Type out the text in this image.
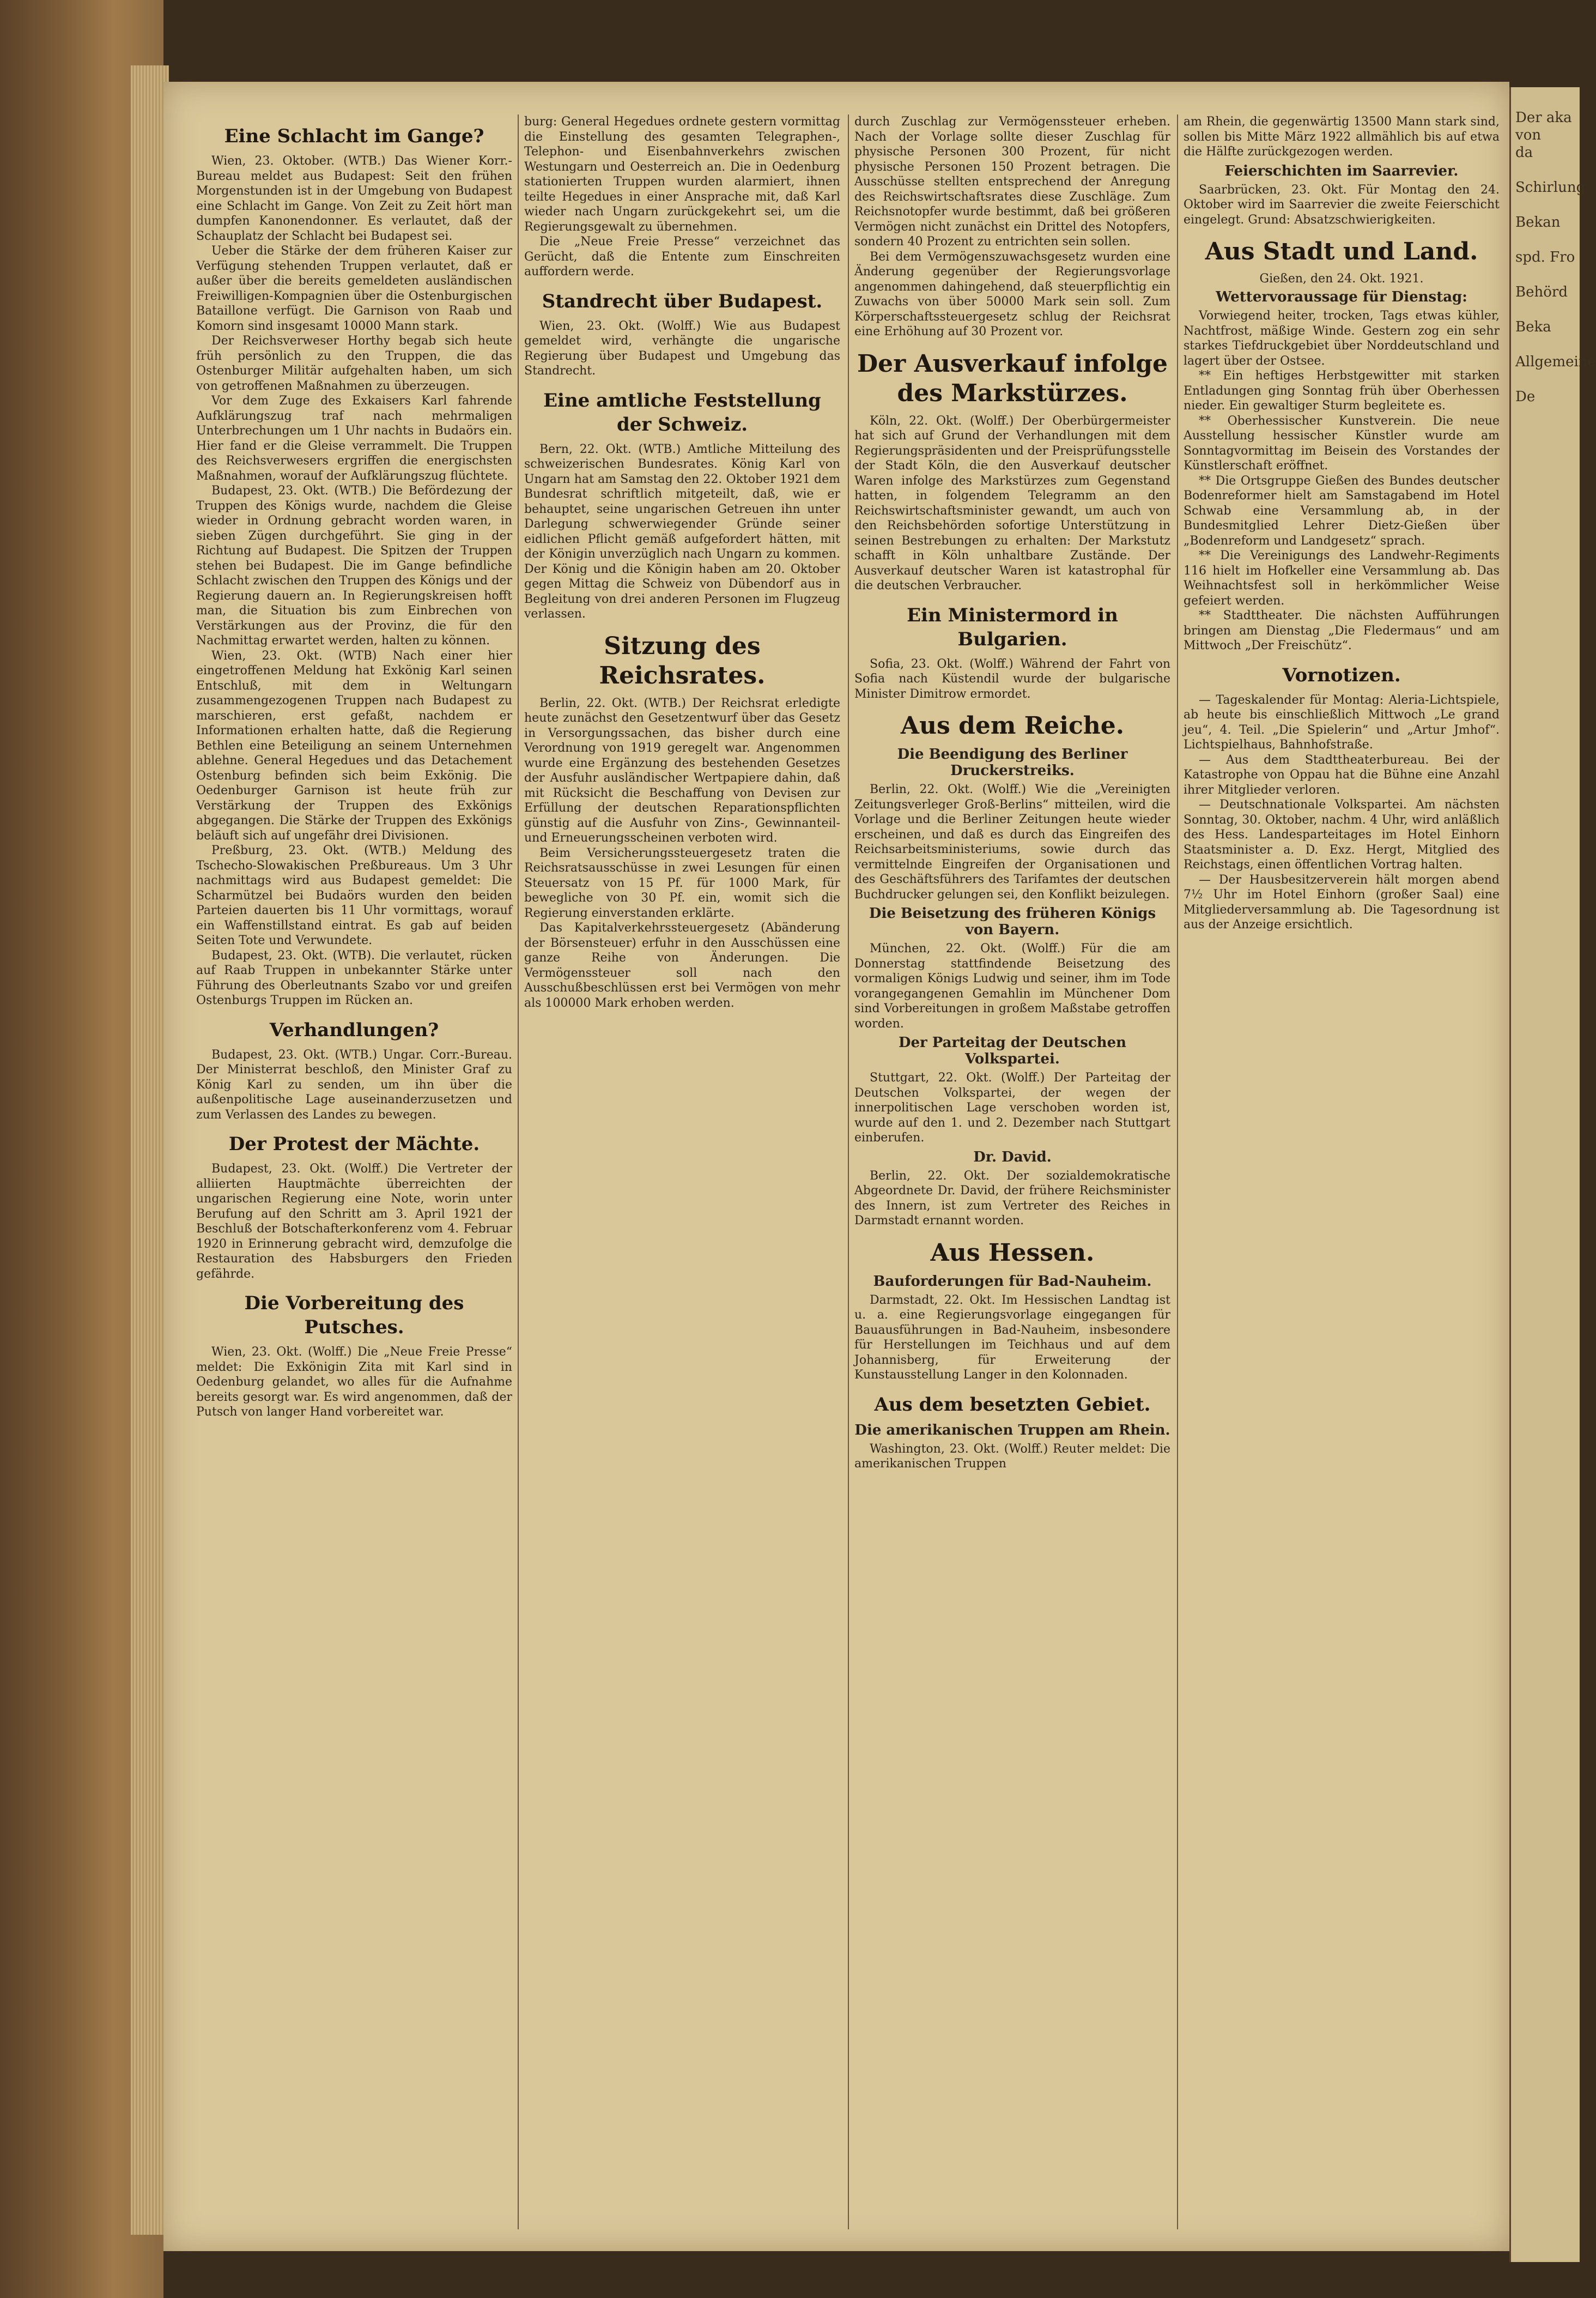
Eine Schlacht im Gange?

Wien, 23. Oktober. (WTB.) Das Wiener Korr.-Bureau meldet aus Budapest: Seit den frühen Morgenstunden ist in der Umgebung von Budapest eine Schlacht im Gange. Von Zeit zu Zeit hört man dumpfen Kanonendonner. Es verlautet, daß der Schauplatz der Schlacht bei Budapest sei.

Ueber die Stärke der dem früheren Kaiser zur Verfügung stehenden Truppen verlautet, daß er außer über die bereits gemeldeten ausländischen Freiwilligen-Kompagnien über die Ostenburgischen Bataillone verfügt. Die Garnison von Raab und Komorn sind insgesamt 10000 Mann stark.

Der Reichsverweser Horthy begab sich heute früh persönlich zu den Truppen, die das Ostenburger Militär aufgehalten haben, um sich von getroffenen Maßnahmen zu überzeugen.

Vor dem Zuge des Exkaisers Karl fahrende Aufklärungszug traf nach mehrmaligen Unterbrechungen um 1 Uhr nachts in Budaörs ein. Hier fand er die Gleise verrammelt. Die Truppen des Reichsverwesers ergriffen die energischsten Maßnahmen, worauf der Aufklärungszug flüchtete.

Budapest, 23. Okt. (WTB.) Die Befördezung der Truppen des Königs wurde, nachdem die Gleise wieder in Ordnung gebracht worden waren, in sieben Zügen durchgeführt. Sie ging in der Richtung auf Budapest. Die Spitzen der Truppen stehen bei Budapest. Die im Gange befindliche Schlacht zwischen den Truppen des Königs und der Regierung dauern an. In Regierungskreisen hofft man, die Situation bis zum Einbrechen von Verstärkungen aus der Provinz, die für den Nachmittag erwartet werden, halten zu können.

Wien, 23. Okt. (WTB) Nach einer hier eingetroffenen Meldung hat Exkönig Karl seinen Entschluß, mit dem in Weltungarn zusammengezogenen Truppen nach Budapest zu marschieren, erst gefaßt, nachdem er Informationen erhalten hatte, daß die Regierung Bethlen eine Beteiligung an seinem Unternehmen ablehne. General Hegedues und das Detachement Ostenburg befinden sich beim Exkönig. Die Oedenburger Garnison ist heute früh zur Verstärkung der Truppen des Exkönigs abgegangen. Die Stärke der Truppen des Exkönigs beläuft sich auf ungefähr drei Divisionen.

Preßburg, 23. Okt. (WTB.) Meldung des Tschecho-Slowakischen Preßbureaus. Um 3 Uhr nachmittags wird aus Budapest gemeldet: Die Scharmützel bei Budaörs wurden den beiden Parteien dauerten bis 11 Uhr vormittags, worauf ein Waffenstillstand eintrat. Es gab auf beiden Seiten Tote und Verwundete.

Budapest, 23. Okt. (WTB). Die verlautet, rücken auf Raab Truppen in unbekannter Stärke unter Führung des Oberleutnants Szabo vor und greifen Ostenburgs Truppen im Rücken an.

Verhandlungen?

Budapest, 23. Okt. (WTB.) Ungar. Corr.-Bureau. Der Ministerrat beschloß, den Minister Graf zu König Karl zu senden, um ihn über die außenpolitische Lage auseinanderzusetzen und zum Verlassen des Landes zu bewegen.

Der Protest der Mächte.

Budapest, 23. Okt. (Wolff.) Die Vertreter der alliierten Hauptmächte überreichten der ungarischen Regierung eine Note, worin unter Berufung auf den Schritt am 3. April 1921 der Beschluß der Botschafterkonferenz vom 4. Februar 1920 in Erinnerung gebracht wird, demzufolge die Restauration des Habsburgers den Frieden gefährde.

Die Vorbereitung des Putsches.

Wien, 23. Okt. (Wolff.) Die „Neue Freie Presse“ meldet: Die Exkönigin Zita mit Karl sind in Oedenburg gelandet, wo alles für die Aufnahme bereits gesorgt war. Es wird angenommen, daß der Putsch von langer Hand vorbereitet war.

burg: General Hegedues ordnete gestern vormittag die Einstellung des gesamten Telegraphen-, Telephon- und Eisenbahnverkehrs zwischen Westungarn und Oesterreich an. Die in Oedenburg stationierten Truppen wurden alarmiert, ihnen teilte Hegedues in einer Ansprache mit, daß Karl wieder nach Ungarn zurückgekehrt sei, um die Regierungsgewalt zu übernehmen.

Die „Neue Freie Presse“ verzeichnet das Gerücht, daß die Entente zum Einschreiten auffordern werde.

Standrecht über Budapest.

Wien, 23. Okt. (Wolff.) Wie aus Budapest gemeldet wird, verhängte die ungarische Regierung über Budapest und Umgebung das Standrecht.

Eine amtliche Feststellung der Schweiz.

Bern, 22. Okt. (WTB.) Amtliche Mitteilung des schweizerischen Bundesrates. König Karl von Ungarn hat am Samstag den 22. Oktober 1921 dem Bundesrat schriftlich mitgeteilt, daß, wie er behauptet, seine ungarischen Getreuen ihn unter Darlegung schwerwiegender Gründe seiner eidlichen Pflicht gemäß aufgefordert hätten, mit der Königin unverzüglich nach Ungarn zu kommen. Der König und die Königin haben am 20. Oktober gegen Mittag die Schweiz von Dübendorf aus in Begleitung von drei anderen Personen im Flugzeug verlassen.

Sitzung des Reichsrates.

Berlin, 22. Okt. (WTB.) Der Reichsrat erledigte heute zunächst den Gesetzentwurf über das Gesetz in Versorgungssachen, das bisher durch eine Verordnung von 1919 geregelt war. Angenommen wurde eine Ergänzung des bestehenden Gesetzes der Ausfuhr ausländischer Wertpapiere dahin, daß mit Rücksicht die Beschaffung von Devisen zur Erfüllung der deutschen Reparationspflichten günstig auf die Ausfuhr von Zins-, Gewinnanteil- und Erneuerungsscheinen verboten wird.

Beim Versicherungssteuergesetz traten die Reichsratsausschüsse in zwei Lesungen für einen Steuersatz von 15 Pf. für 1000 Mark, für bewegliche von 30 Pf. ein, womit sich die Regierung einverstanden erklärte.

Das Kapitalverkehrssteuergesetz (Abänderung der Börsensteuer) erfuhr in den Ausschüssen eine ganze Reihe von Änderungen. Die Vermögenssteuer soll nach den Ausschußbeschlüssen erst bei Vermögen von mehr als 100000 Mark erhoben werden.

durch Zuschlag zur Vermögenssteuer erheben. Nach der Vorlage sollte dieser Zuschlag für physische Personen 300 Prozent, für nicht physische Personen 150 Prozent betragen. Die Ausschüsse stellten entsprechend der Anregung des Reichswirtschaftsrates diese Zuschläge. Zum Reichsnotopfer wurde bestimmt, daß bei größeren Vermögen nicht zunächst ein Drittel des Notopfers, sondern 40 Prozent zu entrichten sein sollen.

Bei dem Vermögenszuwachsgesetz wurden eine Änderung gegenüber der Regierungsvorlage angenommen dahingehend, daß steuerpflichtig ein Zuwachs von über 50000 Mark sein soll. Zum Körperschaftssteuergesetz schlug der Reichsrat eine Erhöhung auf 30 Prozent vor.

Der Ausverkauf infolge des Markstürzes.

Köln, 22. Okt. (Wolff.) Der Oberbürgermeister hat sich auf Grund der Verhandlungen mit dem Regierungspräsidenten und der Preisprüfungsstelle der Stadt Köln, die den Ausverkauf deutscher Waren infolge des Markstürzes zum Gegenstand hatten, in folgendem Telegramm an den Reichswirtschaftsminister gewandt, um auch von den Reichsbehörden sofortige Unterstützung in seinen Bestrebungen zu erhalten: Der Markstutz schafft in Köln unhaltbare Zustände. Der Ausverkauf deutscher Waren ist katastrophal für die deutschen Verbraucher.

Ein Ministermord in Bulgarien.

Sofia, 23. Okt. (Wolff.) Während der Fahrt von Sofia nach Küstendil wurde der bulgarische Minister Dimitrow ermordet.

Aus dem Reiche.
Die Beendigung des Berliner Druckerstreiks.

Berlin, 22. Okt. (Wolff.) Wie die „Vereinigten Zeitungsverleger Groß-Berlins“ mitteilen, wird die Vorlage und die Berliner Zeitungen heute wieder erscheinen, und daß es durch das Eingreifen des Reichsarbeitsministeriums, sowie durch das vermittelnde Eingreifen der Organisationen und des Geschäftsführers des Tarifamtes der deutschen Buchdrucker gelungen sei, den Konflikt beizulegen.

Die Beisetzung des früheren Königs von Bayern.

München, 22. Okt. (Wolff.) Für die am Donnerstag stattfindende Beisetzung des vormaligen Königs Ludwig und seiner, ihm im Tode vorangegangenen Gemahlin im Münchener Dom sind Vorbereitungen in großem Maßstabe getroffen worden.

Der Parteitag der Deutschen Volkspartei.

Stuttgart, 22. Okt. (Wolff.) Der Parteitag der Deutschen Volkspartei, der wegen der innerpolitischen Lage verschoben worden ist, wurde auf den 1. und 2. Dezember nach Stuttgart einberufen.

Dr. David.

Berlin, 22. Okt. Der sozialdemokratische Abgeordnete Dr. David, der frühere Reichsminister des Innern, ist zum Vertreter des Reiches in Darmstadt ernannt worden.

Aus Hessen.
Bauforderungen für Bad-Nauheim.

Darmstadt, 22. Okt. Im Hessischen Landtag ist u. a. eine Regierungsvorlage eingegangen für Bauausführungen in Bad-Nauheim, insbesondere für Herstellungen im Teichhaus und auf dem Johannisberg, für Erweiterung der Kunstausstellung Langer in den Kolonnaden.

Aus dem besetzten Gebiet.
Die amerikanischen Truppen am Rhein.

Washington, 23. Okt. (Wolff.) Reuter meldet: Die amerikanischen Truppen

am Rhein, die gegenwärtig 13500 Mann stark sind, sollen bis Mitte März 1922 allmählich bis auf etwa die Hälfte zurückgezogen werden.

Feierschichten im Saarrevier.

Saarbrücken, 23. Okt. Für Montag den 24. Oktober wird im Saarrevier die zweite Feierschicht eingelegt. Grund: Absatzschwierigkeiten.

Aus Stadt und Land.
Gießen, den 24. Okt. 1921.
Wettervoraussage für Dienstag:

Vorwiegend heiter, trocken, Tags etwas kühler, Nachtfrost, mäßige Winde. Gestern zog ein sehr starkes Tiefdruckgebiet über Norddeutschland und lagert über der Ostsee.

** Ein heftiges Herbstgewitter mit starken Entladungen ging Sonntag früh über Oberhessen nieder. Ein gewaltiger Sturm begleitete es.

** Oberhessischer Kunstverein. Die neue Ausstellung hessischer Künstler wurde am Sonntagvormittag im Beisein des Vorstandes der Künstlerschaft eröffnet.

** Die Ortsgruppe Gießen des Bundes deutscher Bodenreformer hielt am Samstagabend im Hotel Schwab eine Versammlung ab, in der Bundesmitglied Lehrer Dietz-Gießen über „Bodenreform und Landgesetz“ sprach.

** Die Vereinigungs des Landwehr-Regiments 116 hielt im Hofkeller eine Versammlung ab. Das Weihnachtsfest soll in herkömmlicher Weise gefeiert werden.

** Stadttheater. Die nächsten Aufführungen bringen am Dienstag „Die Fledermaus“ und am Mittwoch „Der Freischütz“.

Vornotizen.

— Tageskalender für Montag: Aleria-Lichtspiele, ab heute bis einschließlich Mittwoch „Le grand jeu“, 4. Teil. „Die Spielerin“ und „Artur Jmhof“. Lichtspielhaus, Bahnhofstraße.

— Aus dem Stadttheaterbureau. Bei der Katastrophe von Oppau hat die Bühne eine Anzahl ihrer Mitglieder verloren.

— Deutschnationale Volkspartei. Am nächsten Sonntag, 30. Oktober, nachm. 4 Uhr, wird anläßlich des Hess. Landesparteitages im Hotel Einhorn Staatsminister a. D. Exz. Hergt, Mitglied des Reichstags, einen öffentlichen Vortrag halten.

— Der Hausbesitzerverein hält morgen abend 7½ Uhr im Hotel Einhorn (großer Saal) eine Mitgliederversammlung ab. Die Tagesordnung ist aus der Anzeige ersichtlich.

Der aka
von
da

Schirlung

Bekan

spd. Fro

Behörd

Beka

Allgemeine

De
